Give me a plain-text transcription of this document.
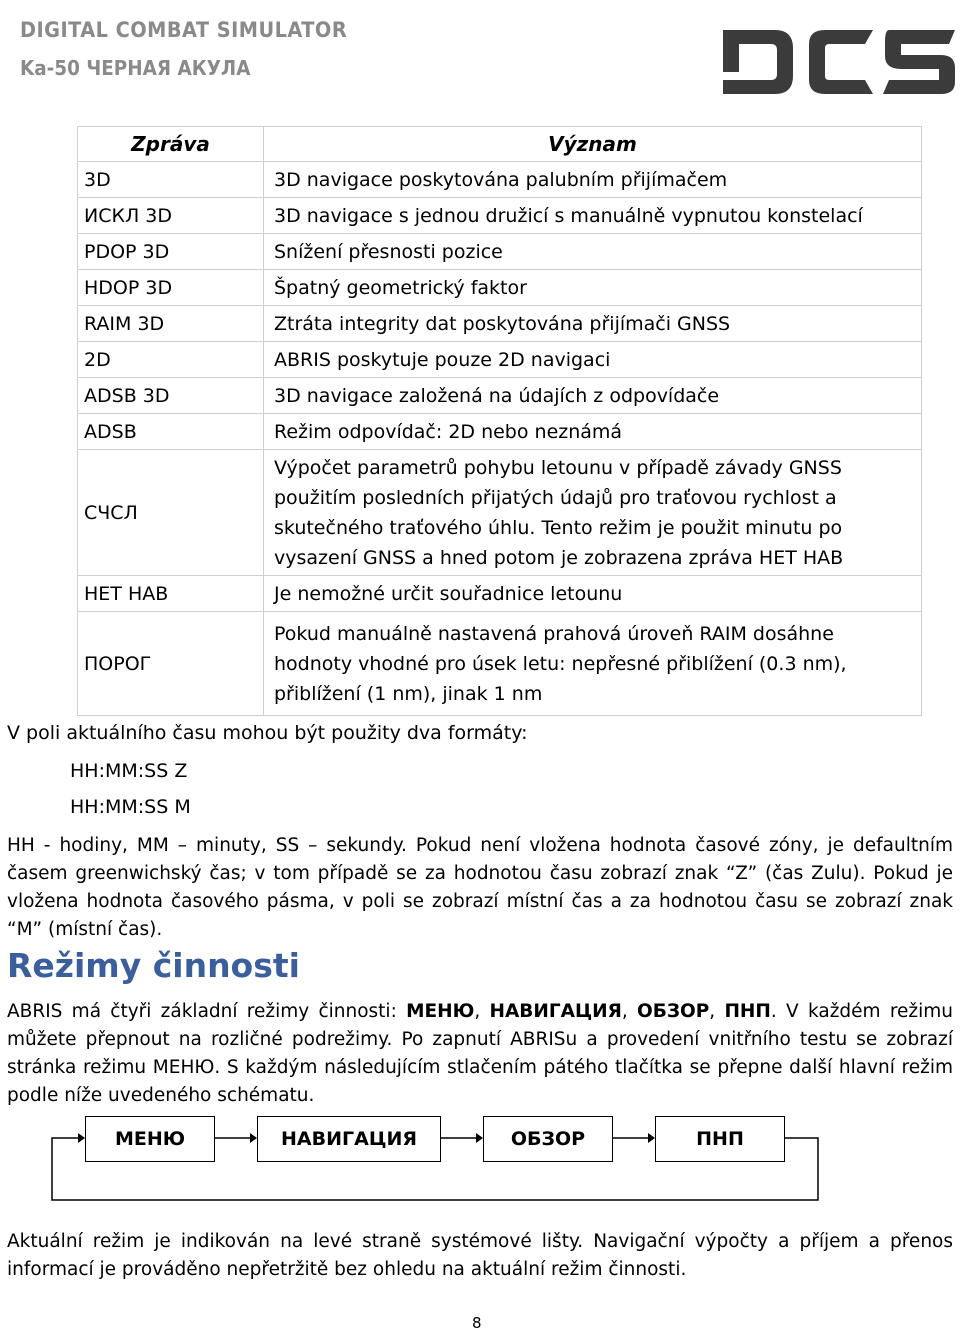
DIGITAL COMBAT SIMULATOR
Ka-50 ЧЕРНАЯ АКУЛА
Zpráva	Význam
3D	3D navigace poskytována palubním přijímačem
ИСКЛ 3D	3D navigace s jednou družicí s manuálně vypnutou konstelací
PDOP 3D	Snížení přesnosti pozice
HDOP 3D	Špatný geometrický faktor
RAIM 3D	Ztráta integrity dat poskytována přijímači GNSS
2D	ABRIS poskytuje pouze 2D navigaci
ADSB 3D	3D navigace založená na údajích z odpovídače
ADSB	Režim odpovídač: 2D nebo neznámá
СЧСЛ	Výpočet parametrů pohybu letounu v případě závady GNSS
použitím posledních přijatých údajů pro traťovou rychlost a
skutečného traťového úhlu. Tento režim je použit minutu po
vysazení GNSS a hned potom je zobrazena zpráva НЕТ НАВ

НЕТ НАВ	Je nemožné určit souřadnice letounu
ПОРОГ	Pokud manuálně nastavená prahová úroveň RAIM dosáhne
hodnoty vhodné pro úsek letu: nepřesné přiblížení (0.3 nm),
přiblížení (1 nm), jinak 1 nm
V poli aktuálního času mohou být použity dva formáty:
HH:MM:SS Z
HH:MM:SS M
HH - hodiny, MM – minuty, SS – sekundy. Pokud není vložena hodnota časové zóny, je defaultním časem greenwichský čas; v tom případě se za hodnotou času zobrazí znak “Z” (čas Zulu). Pokud je vložena hodnota časového pásma, v poli se zobrazí místní čas a za hodnotou času se zobrazí znak “M” (místní čas).
Režimy činnosti
ABRIS má čtyři základní režimy činnosti: МЕНЮ, НАВИГАЦИЯ, ОБЗОР, ПНП. V každém režimu můžete přepnout na rozličné podrežimy. Po zapnutí ABRISu a provedení vnitřního testu se zobrazí stránka režimu МЕНЮ. S každým následujícím stlačením pátého tlačítka se přepne další hlavní režim podle níže uvedeného schématu.
МЕНЮ	НАВИГАЦИЯ	ОБЗОР	ПНП
Aktuální režim je indikován na levé straně systémové lišty. Navigační výpočty a příjem a přenos informací je prováděno nepřetržitě bez ohledu na aktuální režim činnosti.
8
